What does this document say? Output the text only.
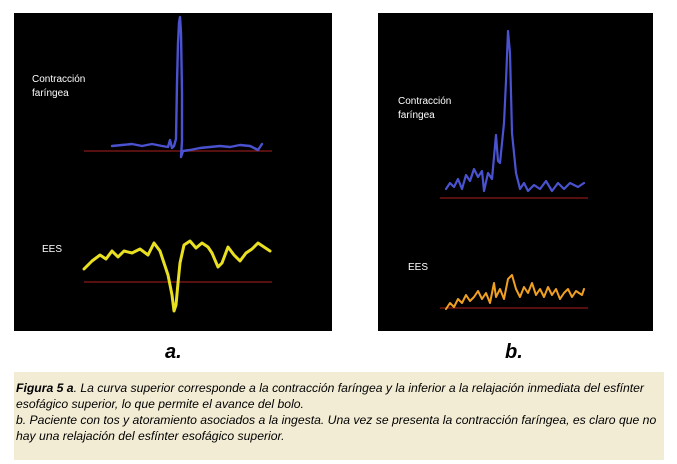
Contracción
faríngea
EES
Contracción
faríngea
EES
a.	b.

Figura 5 a. La curva superior corresponde a la contracción faríngea y la inferior a la relajación inmediata del esfínter esofágico superior, lo que permite el avance del bolo.
b. Paciente con tos y atoramiento asociados a la ingesta. Una vez se presenta la contracción faríngea, es claro que no hay una relajación del esfínter esofágico superior.
